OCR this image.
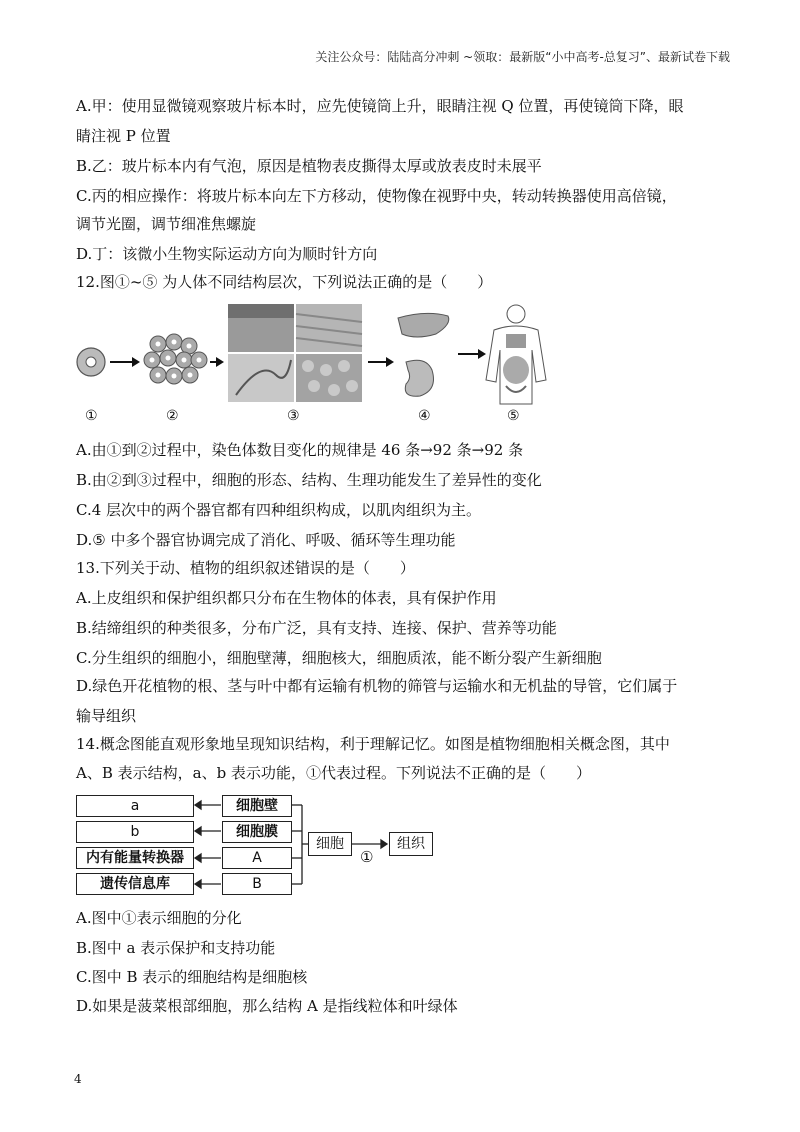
关注公众号：陆陆高分冲刺 ~领取：最新版“小中高考-总复习”、最新试卷下载
A.甲：使用显微镜观察玻片标本时，应先使镜筒上升，眼睛注视 Q 位置，再使镜筒下降，眼
睛注视 P 位置
B.乙：玻片标本内有气泡，原因是植物表皮撕得太厚或放表皮时未展平
C.丙的相应操作：将玻片标本向左下方移动，使物像在视野中央，转动转换器使用高倍镜，
调节光圈，调节细准焦螺旋
D.丁：该微小生物实际运动方向为顺时针方向
12.图①~⑤ 为人体不同结构层次，下列说法正确的是（　　）
①	②	③	④	⑤
A.由①到②过程中，染色体数目变化的规律是 46 条→92 条→92 条
B.由②到③过程中，细胞的形态、结构、生理功能发生了差异性的变化
C.4 层次中的两个器官都有四种组织构成，以肌肉组织为主。
D.⑤ 中多个器官协调完成了消化、呼吸、循环等生理功能
13.下列关于动、植物的组织叙述错误的是（　　）
A.上皮组织和保护组织都只分布在生物体的体表，具有保护作用
B.结缔组织的种类很多，分布广泛，具有支持、连接、保护、营养等功能
C.分生组织的细胞小，细胞壁薄，细胞核大，细胞质浓，能不断分裂产生新细胞
D.绿色开花植物的根、茎与叶中都有运输有机物的筛管与运输水和无机盐的导管，它们属于
输导组织
14.概念图能直观形象地呈现知识结构，利于理解记忆。如图是植物细胞相关概念图，其中
A、B 表示结构，a、b 表示功能，①代表过程。下列说法不正确的是（　　）
a
b
内有能量转换器
遗传信息库
细胞壁
细胞膜
A
B
细胞	组织
①
A.图中①表示细胞的分化
B.图中 a 表示保护和支持功能
C.图中 B 表示的细胞结构是细胞核
D.如果是菠菜根部细胞，那么结构 A 是指线粒体和叶绿体
4
